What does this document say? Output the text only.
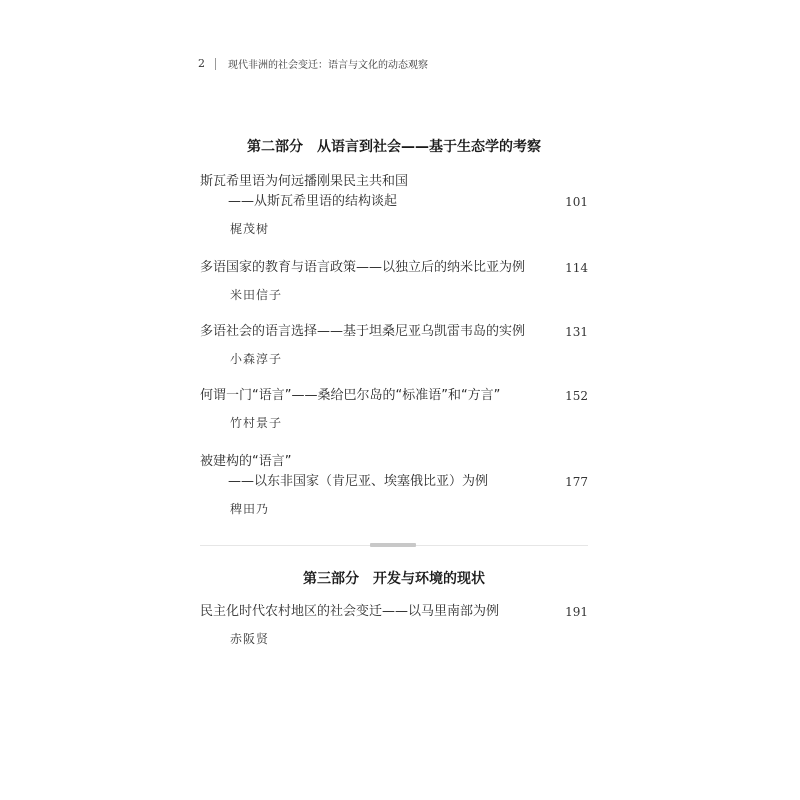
2 现代非洲的社会变迁：语言与文化的动态观察
第二部分 从语言到社会——基于生态学的考察
斯瓦希里语为何远播刚果民主共和国
——从斯瓦希里语的结构谈起	101
梶茂树
多语国家的教育与语言政策——以独立后的纳米比亚为例	114
米田信子
多语社会的语言选择——基于坦桑尼亚乌凯雷韦岛的实例	131
小森淳子
何谓一门“语言”——桑给巴尔岛的“标准语”和“方言”	152
竹村景子
被建构的“语言”
——以东非国家（肯尼亚、埃塞俄比亚）为例	177
稗田乃
第三部分 开发与环境的现状
民主化时代农村地区的社会变迁——以马里南部为例	191
赤阪贤
